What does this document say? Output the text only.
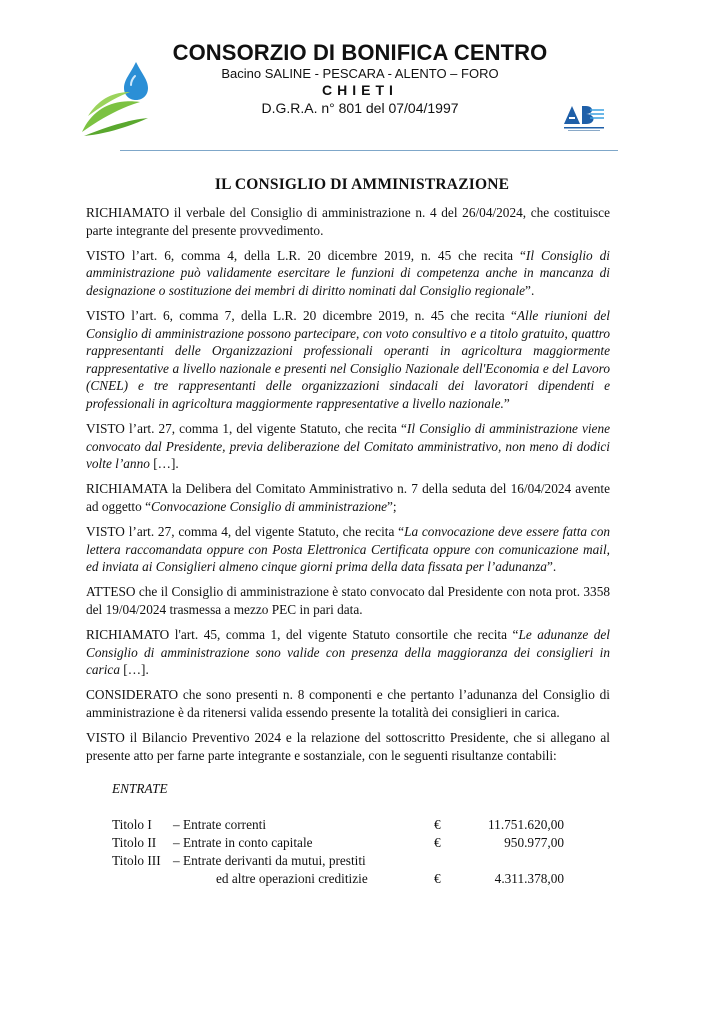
CONSORZIO DI BONIFICA CENTRO
Bacino SALINE - PESCARA - ALENTO – FORO
CHIETI
D.G.R.A. n° 801 del 07/04/1997
IL CONSIGLIO DI AMMINISTRAZIONE

RICHIAMATO il verbale del Consiglio di amministrazione n. 4 del 26/04/2024, che costituisce parte integrante del presente provvedimento.

VISTO l’art. 6, comma 4, della L.R. 20 dicembre 2019, n. 45 che recita “Il Consiglio di amministrazione può validamente esercitare le funzioni di competenza anche in mancanza di designazione o sostituzione dei membri di diritto nominati dal Consiglio regionale”.

VISTO l’art. 6, comma 7, della L.R. 20 dicembre 2019, n. 45 che recita “Alle riunioni del Consiglio di amministrazione possono partecipare, con voto consultivo e a titolo gratuito, quattro rappresentanti delle Organizzazioni professionali operanti in agricoltura maggiormente rappresentative a livello nazionale e presenti nel Consiglio Nazionale dell'Economia e del Lavoro (CNEL) e tre rappresentanti delle organizzazioni sindacali dei lavoratori dipendenti e professionali in agricoltura maggiormente rappresentative a livello nazionale.”

VISTO l’art. 27, comma 1, del vigente Statuto, che recita “Il Consiglio di amministrazione viene convocato dal Presidente, previa deliberazione del Comitato amministrativo, non meno di dodici volte l’anno […].

RICHIAMATA la Delibera del Comitato Amministrativo n. 7 della seduta del 16/04/2024 avente ad oggetto “Convocazione Consiglio di amministrazione”;

VISTO l’art. 27, comma 4, del vigente Statuto, che recita “La convocazione deve essere fatta con lettera raccomandata oppure con Posta Elettronica Certificata oppure con comunicazione mail, ed inviata ai Consiglieri almeno cinque giorni prima della data fissata per l’adunanza”.

ATTESO che il Consiglio di amministrazione è stato convocato dal Presidente con nota prot. 3358 del 19/04/2024 trasmessa a mezzo PEC in pari data.

RICHIAMATO l'art. 45, comma 1, del vigente Statuto consortile che recita “Le adunanze del Consiglio di amministrazione sono valide con presenza della maggioranza dei consiglieri in carica […].

CONSIDERATO che sono presenti n. 8 componenti e che pertanto l’adunanza del Consiglio di amministrazione è da ritenersi valida essendo presente la totalità dei consiglieri in carica.

VISTO il Bilancio Preventivo 2024 e la relazione del sottoscritto Presidente, che si allegano al presente atto per farne parte integrante e sostanziale, con le seguenti risultanze contabili:

ENTRATE
Titolo I – Entrate correnti	€	11.751.620,00
Titolo II – Entrate in conto capitale	€	950.977,00
Titolo III – Entrate derivanti da mutui, prestiti
ed altre operazioni creditizie	€	4.311.378,00
